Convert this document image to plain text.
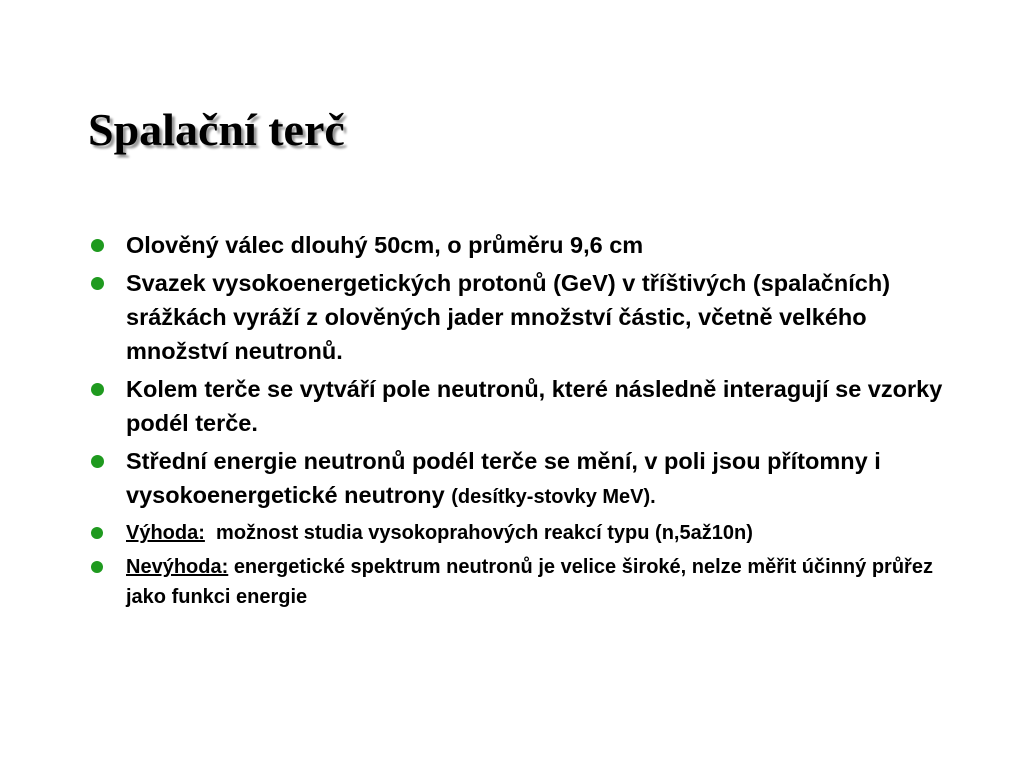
Spalační terč
Olověný válec dlouhý 50cm, o průměru 9,6 cm
Svazek vysokoenergetických protonů (GeV) v tříštivých (spalačních) srážkách vyráží z olověných jader množství částic, včetně velkého množství neutronů.
Kolem terče se vytváří pole neutronů, které následně interagují se vzorky podél terče.
Střední energie neutronů podél terče se mění, v poli jsou přítomny i vysokoenergetické neutrony (desítky-stovky MeV).
Výhoda: možnost studia vysokoprahových reakcí typu (n,5až10n)
Nevýhoda: energetické spektrum neutronů je velice široké, nelze měřit účinný průřez jako funkci energie
